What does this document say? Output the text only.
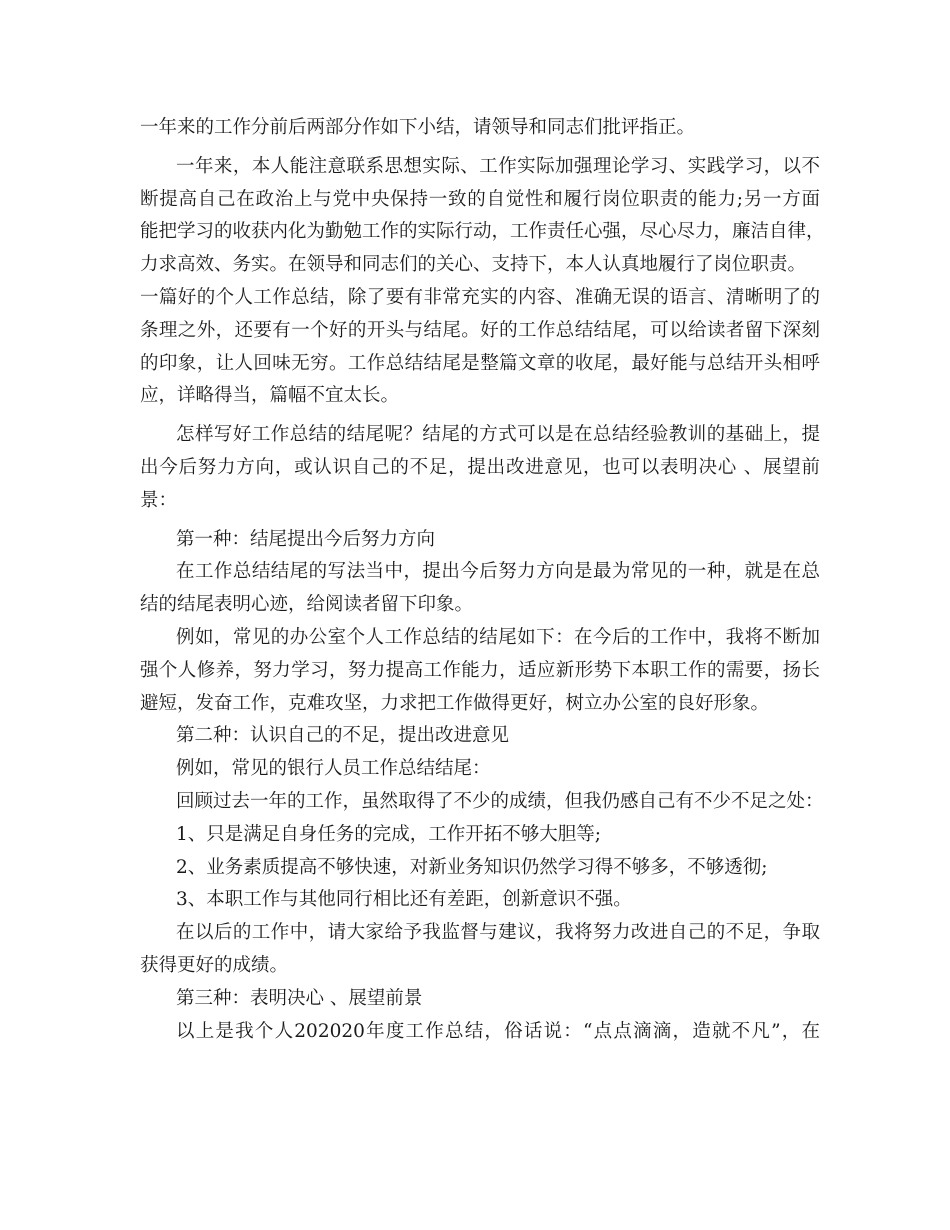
一年来的工作分前后两部分作如下小结，请领导和同志们批评指正。
一年来，本人能注意联系思想实际、工作实际加强理论学习、实践学习，以不
断提高自己在政治上与党中央保持一致的自觉性和履行岗位职责的能力;另一方面
能把学习的收获内化为勤勉工作的实际行动，工作责任心强，尽心尽力，廉洁自律，
力求高效、务实。在领导和同志们的关心、支持下，本人认真地履行了岗位职责。
一篇好的个人工作总结，除了要有非常充实的内容、准确无误的语言、清晰明了的
条理之外，还要有一个好的开头与结尾。好的工作总结结尾，可以给读者留下深刻
的印象，让人回味无穷。工作总结结尾是整篇文章的收尾，最好能与总结开头相呼
应，详略得当，篇幅不宜太长。
怎样写好工作总结的结尾呢？结尾的方式可以是在总结经验教训的基础上，提
出今后努力方向，或认识自己的不足，提出改进意见，也可以表明决心 、展望前
景：
第一种：结尾提出今后努力方向
在工作总结结尾的写法当中，提出今后努力方向是最为常见的一种，就是在总
结的结尾表明心迹，给阅读者留下印象。
例如，常见的办公室个人工作总结的结尾如下：在今后的工作中，我将不断加
强个人修养，努力学习，努力提高工作能力，适应新形势下本职工作的需要，扬长
避短，发奋工作，克难攻坚，力求把工作做得更好，树立办公室的良好形象。
第二种：认识自己的不足，提出改进意见
例如，常见的银行人员工作总结结尾：
回顾过去一年的工作，虽然取得了不少的成绩，但我仍感自己有不少不足之处：
1、只是满足自身任务的完成，工作开拓不够大胆等;
2、业务素质提高不够快速，对新业务知识仍然学习得不够多，不够透彻;
3、本职工作与其他同行相比还有差距，创新意识不强。
在以后的工作中，请大家给予我监督与建议，我将努力改进自己的不足，争取
获得更好的成绩。
第三种：表明决心 、展望前景
以上是我个人202020年度工作总结，俗话说：“点点滴滴，造就不凡”，在
